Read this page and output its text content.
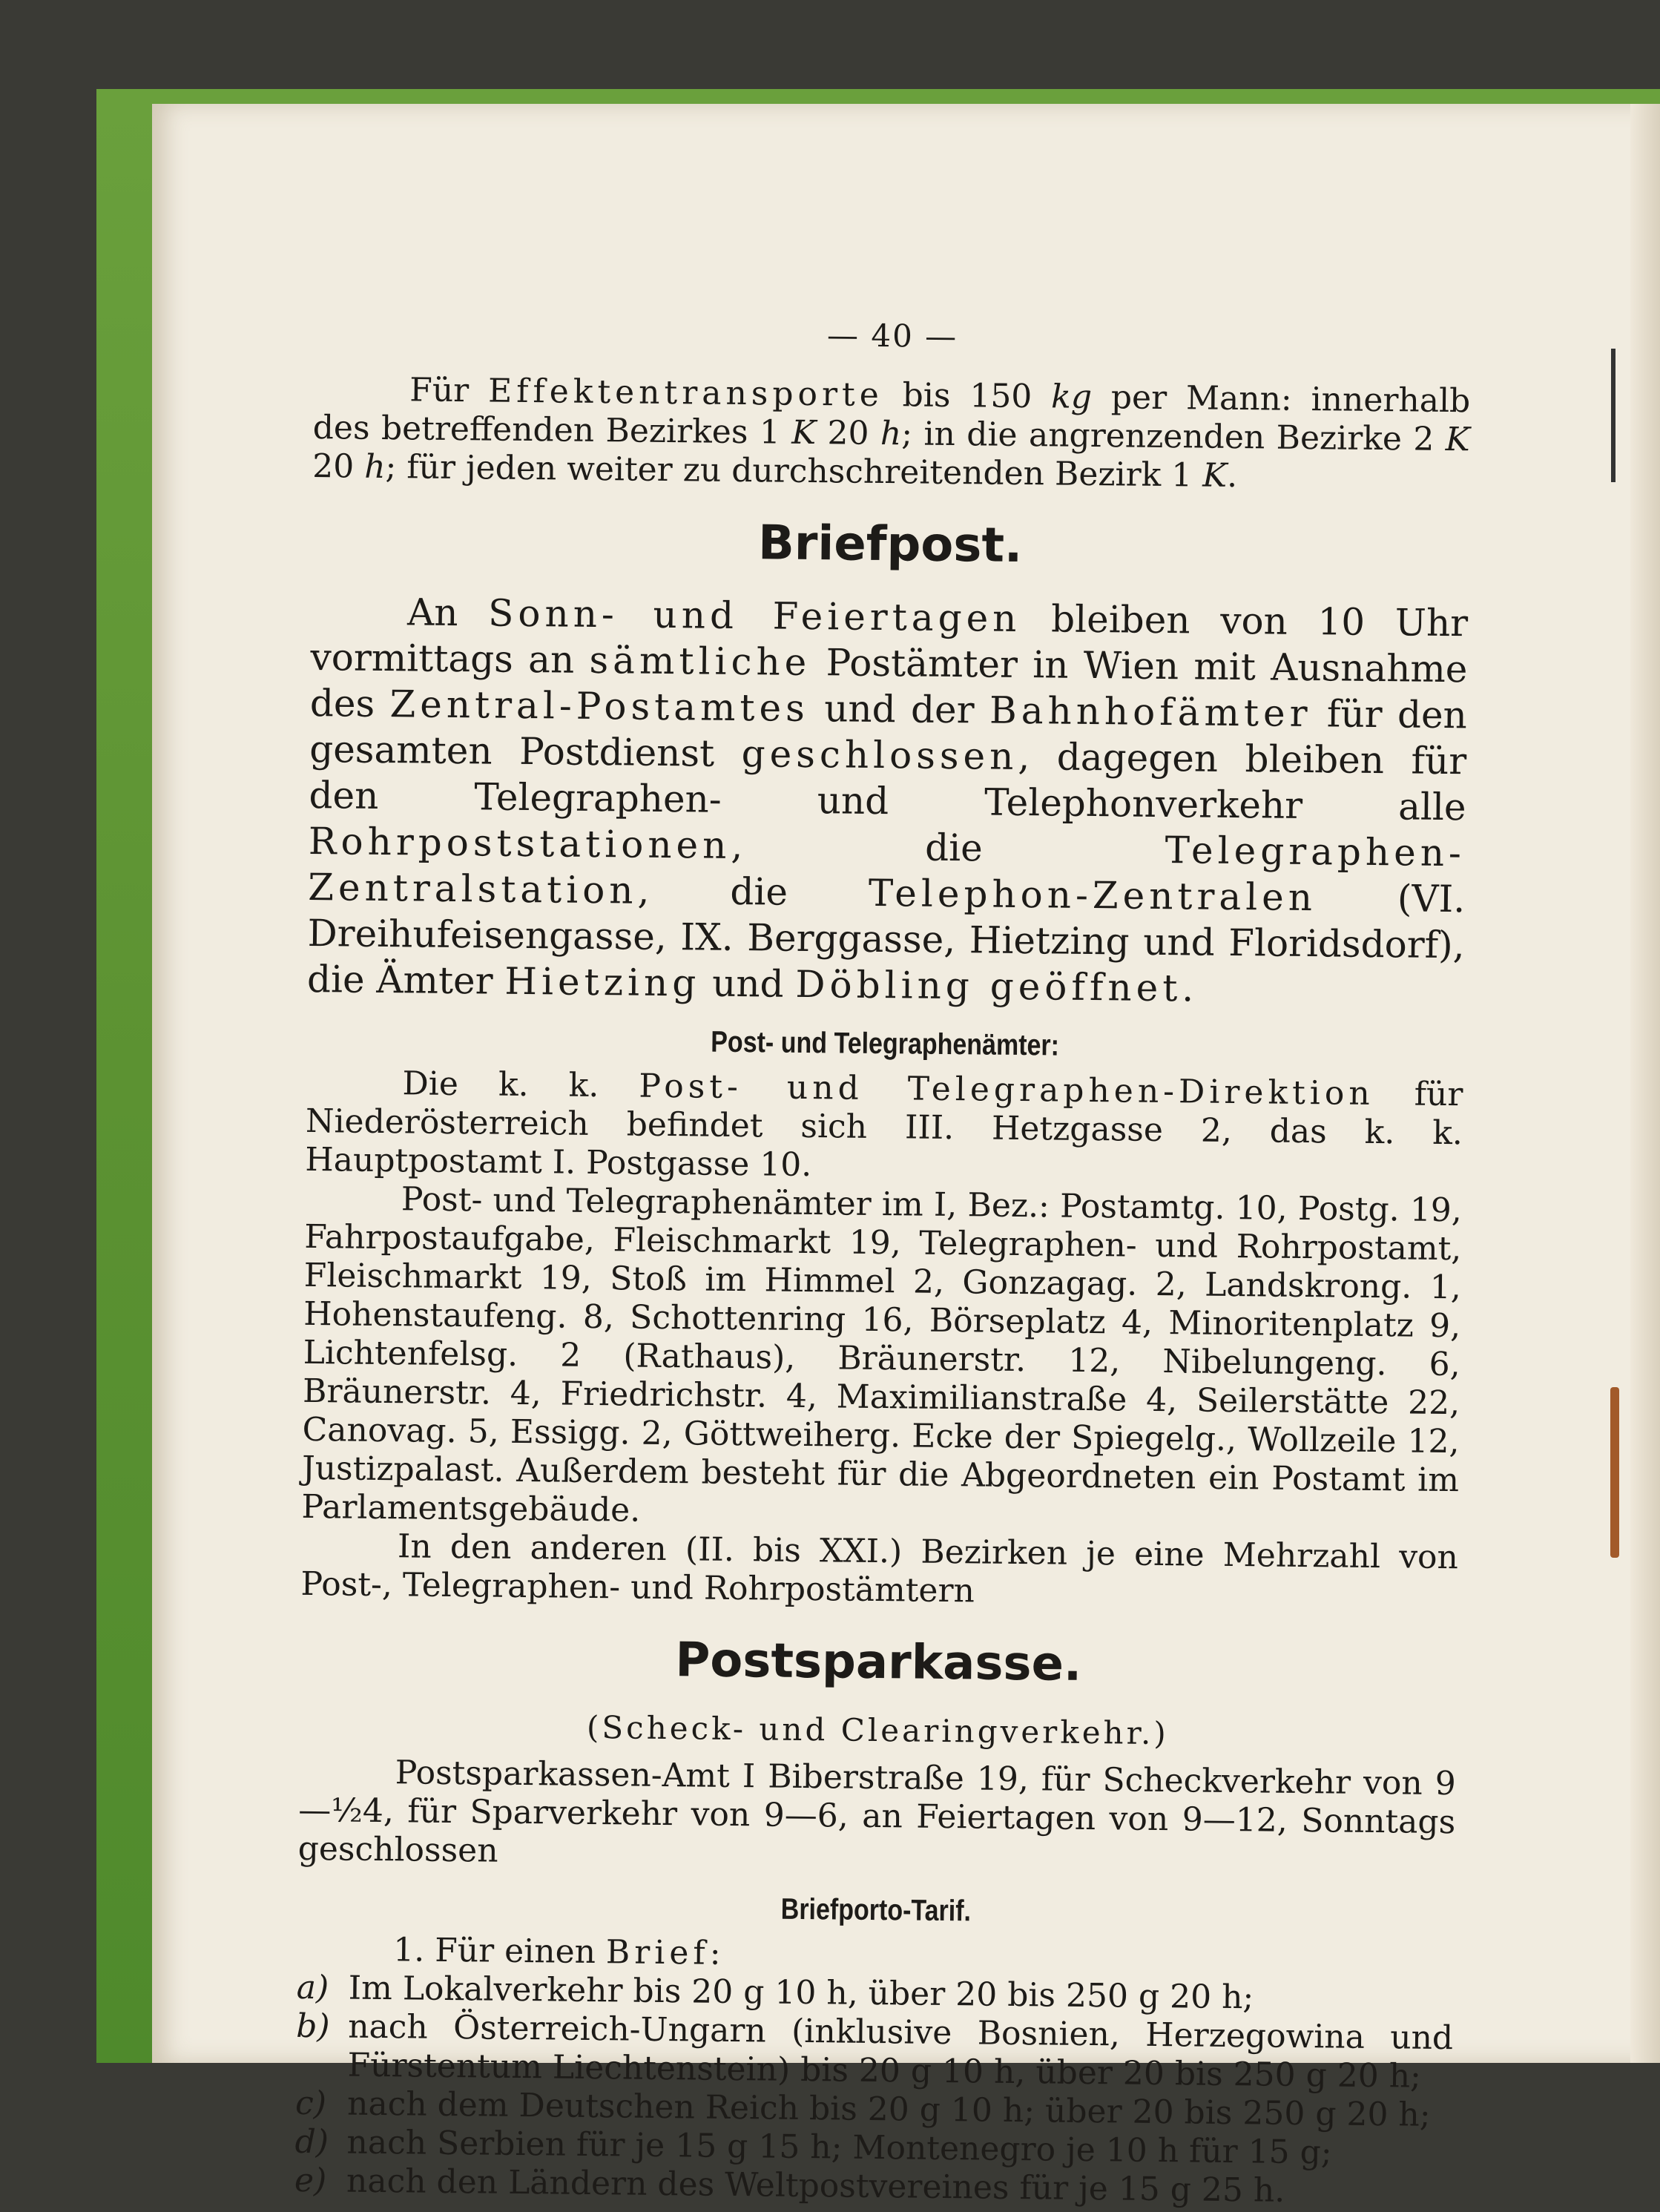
— 40 —

Für Effektentransporte bis 150 kg per Mann: innerhalb des betreffenden Bezirkes 1 K 20 h; in die angrenzenden Bezirke 2 K 20 h; für jeden weiter zu durchschreitenden Bezirk 1 K.

Briefpost.

An Sonn- und Feiertagen bleiben von 10 Uhr vormittags an sämtliche Postämter in Wien mit Ausnahme des Zentral-Postamtes und der Bahnhofämter für den gesamten Postdienst geschlossen, dagegen bleiben für den Telegraphen- und Telephonverkehr alle Rohrpoststationen, die Telegraphen-Zentralstation, die Telephon-Zentralen (VI. Dreihufeisengasse, IX. Berggasse, Hietzing und Floridsdorf), die Ämter Hietzing und Döbling geöffnet.

Post- und Telegraphenämter:

Die k. k. Post- und Telegraphen-Direktion für Niederösterreich befindet sich III. Hetzgasse 2, das k. k. Hauptpostamt I. Postgasse 10.

Post- und Telegraphenämter im I, Bez.: Postamtg. 10, Postg. 19, Fahrpostaufgabe, Fleischmarkt 19, Telegraphen- und Rohrpostamt, Fleischmarkt 19, Stoß im Himmel 2, Gonzagag. 2, Landskrong. 1, Hohenstaufeng. 8, Schottenring 16, Börseplatz 4, Minoritenplatz 9, Lichtenfelsg. 2 (Rathaus), Bräunerstr. 12, Nibelungeng. 6, Bräunerstr. 4, Friedrichstr. 4, Maximilianstraße 4, Seilerstätte 22, Canovag. 5, Essigg. 2, Göttweiherg. Ecke der Spiegelg., Wollzeile 12, Justizpalast. Außerdem besteht für die Abgeordneten ein Postamt im Parlamentsgebäude.

In den anderen (II. bis XXI.) Bezirken je eine Mehrzahl von Post-, Telegraphen- und Rohrpostämtern

Postsparkasse.
(Scheck- und Clearingverkehr.)

Postsparkassen-Amt I Biberstraße 19, für Scheckverkehr von 9—¹⁄₂4, für Sparverkehr von 9—6, an Feiertagen von 9—12, Sonntags geschlossen

Briefporto-Tarif.

1. Für einen Brief:

a) Im Lokalverkehr bis 20 g 10 h, über 20 bis 250 g 20 h;
b) nach Österreich-Ungarn (inklusive Bosnien, Herzegowina und Fürstentum Liechtenstein) bis 20 g 10 h, über 20 bis 250 g 20 h;
c) nach dem Deutschen Reich bis 20 g 10 h; über 20 bis 250 g 20 h;
d) nach Serbien für je 15 g 15 h; Montenegro je 10 h für 15 g;
e) nach den Ländern des Weltpostvereines für je 15 g 25 h.
